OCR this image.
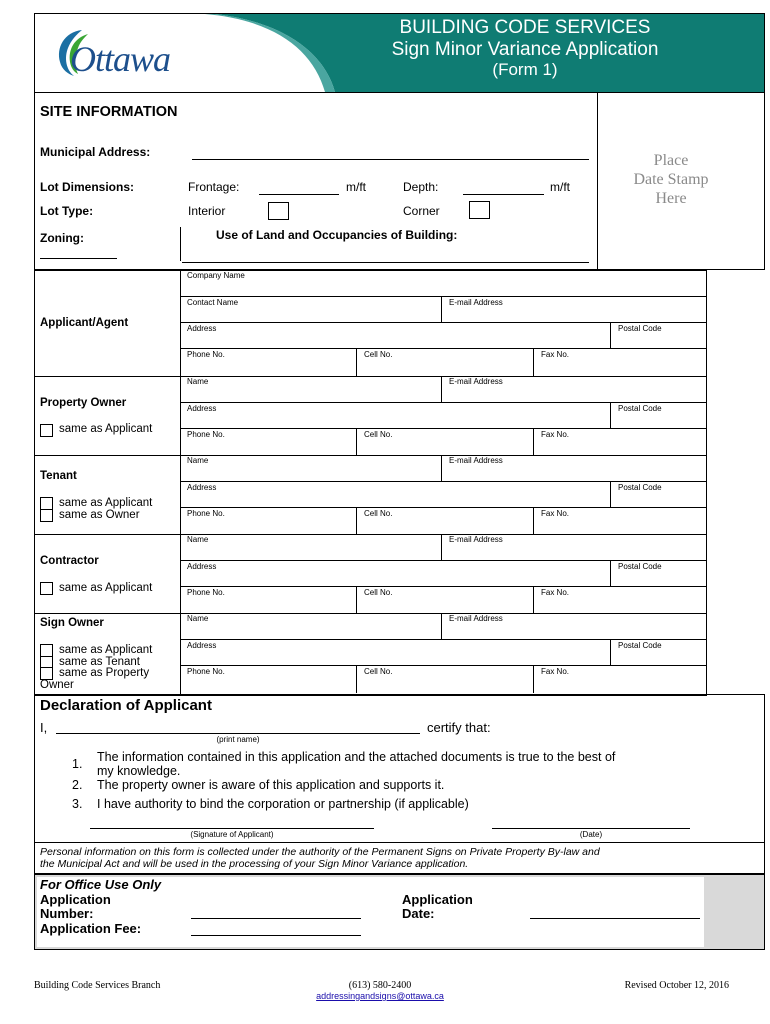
Ottawa
BUILDING CODE SERVICES
Sign Minor Variance Application
(Form 1)
SITE INFORMATION
Municipal Address:
Lot Dimensions:	Frontage:	m/ft	Depth:	m/ft
Lot Type:	Interior	Corner
Zoning:	Use of Land and Occupancies of Building:
Place
Date Stamp
Here
Applicant/Agent
Company Name
Contact Name	E-mail Address
Address	Postal Code
Phone No.	Cell No.	Fax No.
Property Owner
same as Applicant
Name	E-mail Address
Address	Postal Code
Phone No.	Cell No.	Fax No.
Tenant
same as Applicant
same as Owner
Name	E-mail Address
Address	Postal Code
Phone No.	Cell No.	Fax No.
Contractor
same as Applicant
Name	E-mail Address
Address	Postal Code
Phone No.	Cell No.	Fax No.
Sign Owner
same as Applicant
same as Tenant
same as Property
Owner
Name	E-mail Address
Address	Postal Code
Phone No.	Cell No.	Fax No.
Declaration of Applicant
I,	certify that:
(print name)
1. The information contained in this application and the attached documents is true to the best of
my knowledge.
2. The property owner is aware of this application and supports it.
3. I have authority to bind the corporation or partnership (if applicable)
(Signature of Applicant)	(Date)
Personal information on this form is collected under the authority of the Permanent Signs on Private Property By-law and
the Municipal Act and will be used in the processing of your Sign Minor Variance application.
For Office Use Only
Application
Number:
Application Fee:
Application
Date:
Building Code Services Branch	(613) 580-2400
addressingandsigns@ottawa.ca
Revised October 12, 2016
